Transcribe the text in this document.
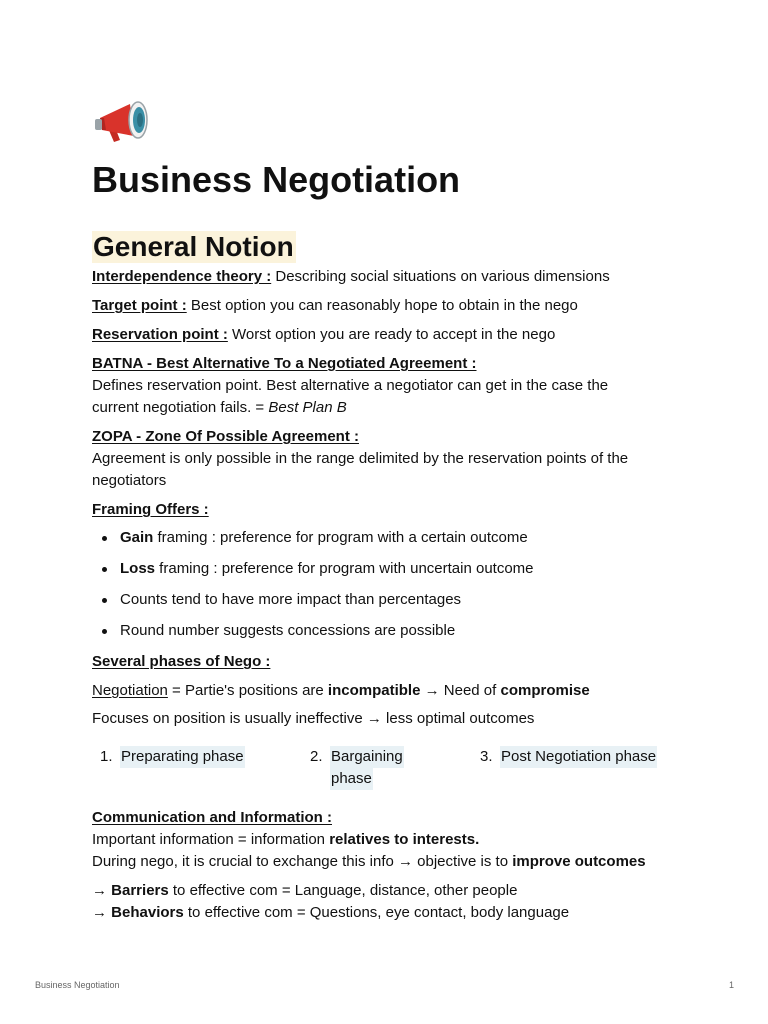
Business Negotiation
General Notion
Interdependence theory : Describing social situations on various dimensions
Target point : Best option you can reasonably hope to obtain in the nego
Reservation point : Worst option you are ready to accept in the nego
BATNA - Best Alternative To a Negotiated Agreement :
Defines reservation point. Best alternative a negotiator can get in the case the
current negotiation fails. = Best Plan B
ZOPA - Zone Of Possible Agreement :
Agreement is only possible in the range delimited by the reservation points of the
negotiators
Framing Offers :
Gain framing : preference for program with a certain outcome
Loss framing : preference for program with uncertain outcome
Counts tend to have more impact than percentages
Round number suggests concessions are possible
Several phases of Nego :
Negotiation = Partie's positions are incompatible → Need of compromise
Focuses on position is usually ineffective → less optimal outcomes
1. Preparating phase	2. Bargaining
phase
3. Post Negotiation phase
Communication and Information :
Important information = information relatives to interests.
During nego, it is crucial to exchange this info → objective is to improve outcomes
→ Barriers to effective com = Language, distance, other people
→ Behaviors to effective com = Questions, eye contact, body language
Business Negotiation	1
